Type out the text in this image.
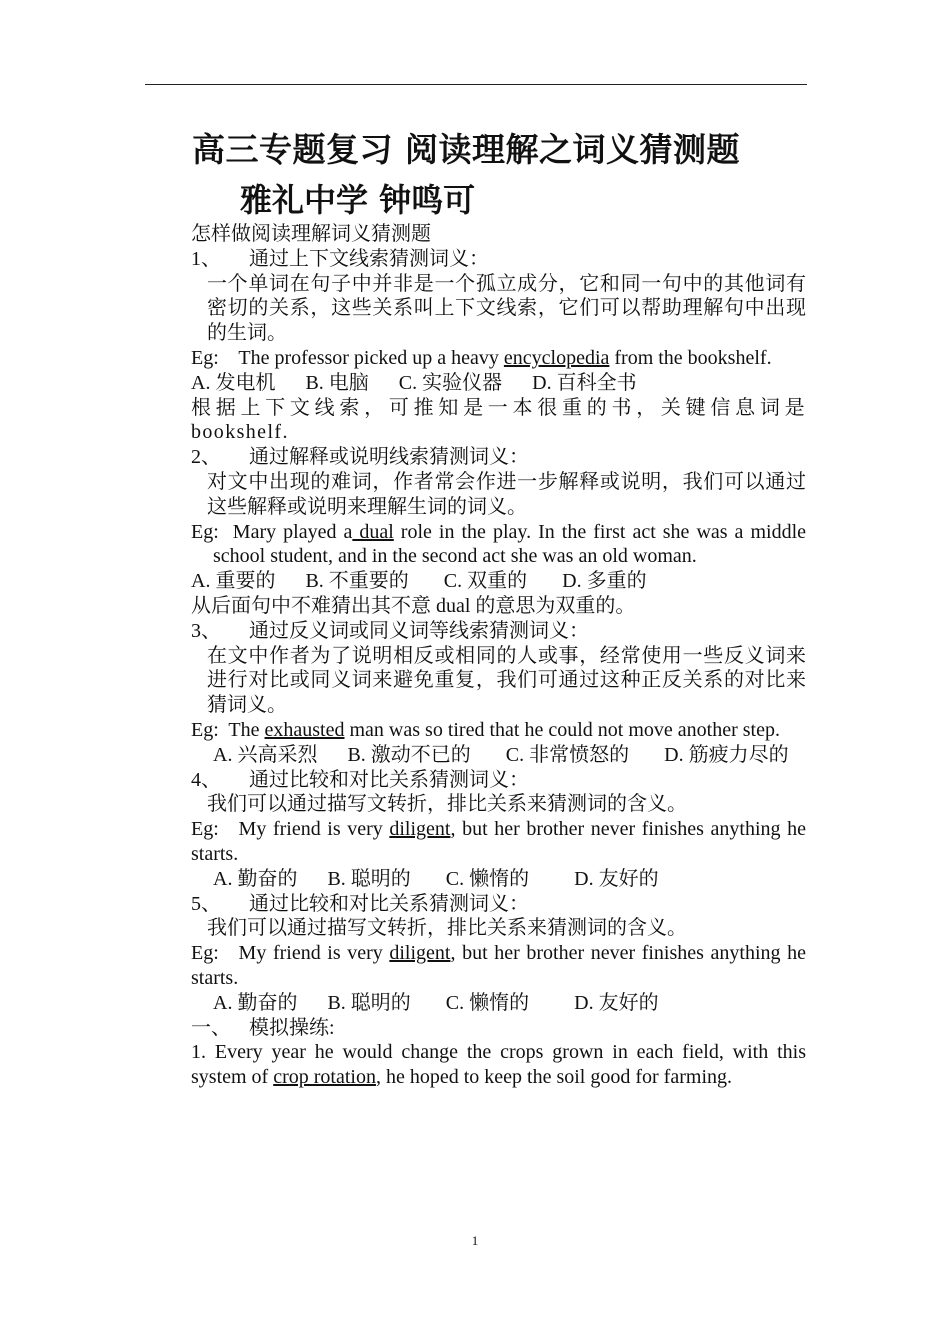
高三专题复习 阅读理解之词义猜测题
雅礼中学 钟鸣可

怎样做阅读理解词义猜测题

1、 通过上下文线索猜测词义：

一个单词在句子中并非是一个孤立成分，它和同一句中的其他词有密切的关系，这些关系叫上下文线索，它们可以帮助理解句中出现的生词。

Eg:    The professor picked up a heavy encyclopedia from the bookshelf.

A. 发电机      B. 电脑      C. 实验仪器      D. 百科全书

根据上下文线索，可推知是一本很重的书，关键信息词是bookshelf.

2、 通过解释或说明线索猜测词义：

对文中出现的难词，作者常会作进一步解释或说明，我们可以通过这些解释或说明来理解生词的词义。

Eg:  Mary played a dual role in the play. In the first act she was a middle school student, and in the second act she was an old woman.

A. 重要的      B. 不重要的       C. 双重的       D. 多重的

从后面句中不难猜出其不意 dual 的意思为双重的。

3、 通过反义词或同义词等线索猜测词义：

在文中作者为了说明相反或相同的人或事，经常使用一些反义词来进行对比或同义词来避免重复，我们可通过这种正反关系的对比来猜词义。

Eg:  The exhausted man was so tired that he could not move another step.

A. 兴高采烈      B. 激动不已的       C. 非常愤怒的       D. 筋疲力尽的

4、 通过比较和对比关系猜测词义：

我们可以通过描写文转折，排比关系来猜测词的含义。

Eg:   My friend is very diligent, but her brother never finishes anything he starts.

A. 勤奋的      B. 聪明的       C. 懒惰的         D. 友好的

5、 通过比较和对比关系猜测词义：

我们可以通过描写文转折，排比关系来猜测词的含义。

Eg:   My friend is very diligent, but her brother never finishes anything he starts.

A. 勤奋的      B. 聪明的       C. 懒惰的         D. 友好的

一、 模拟操练:

1. Every year he would change the crops grown in each field, with this system of crop rotation, he hoped to keep the soil good for farming.

1
